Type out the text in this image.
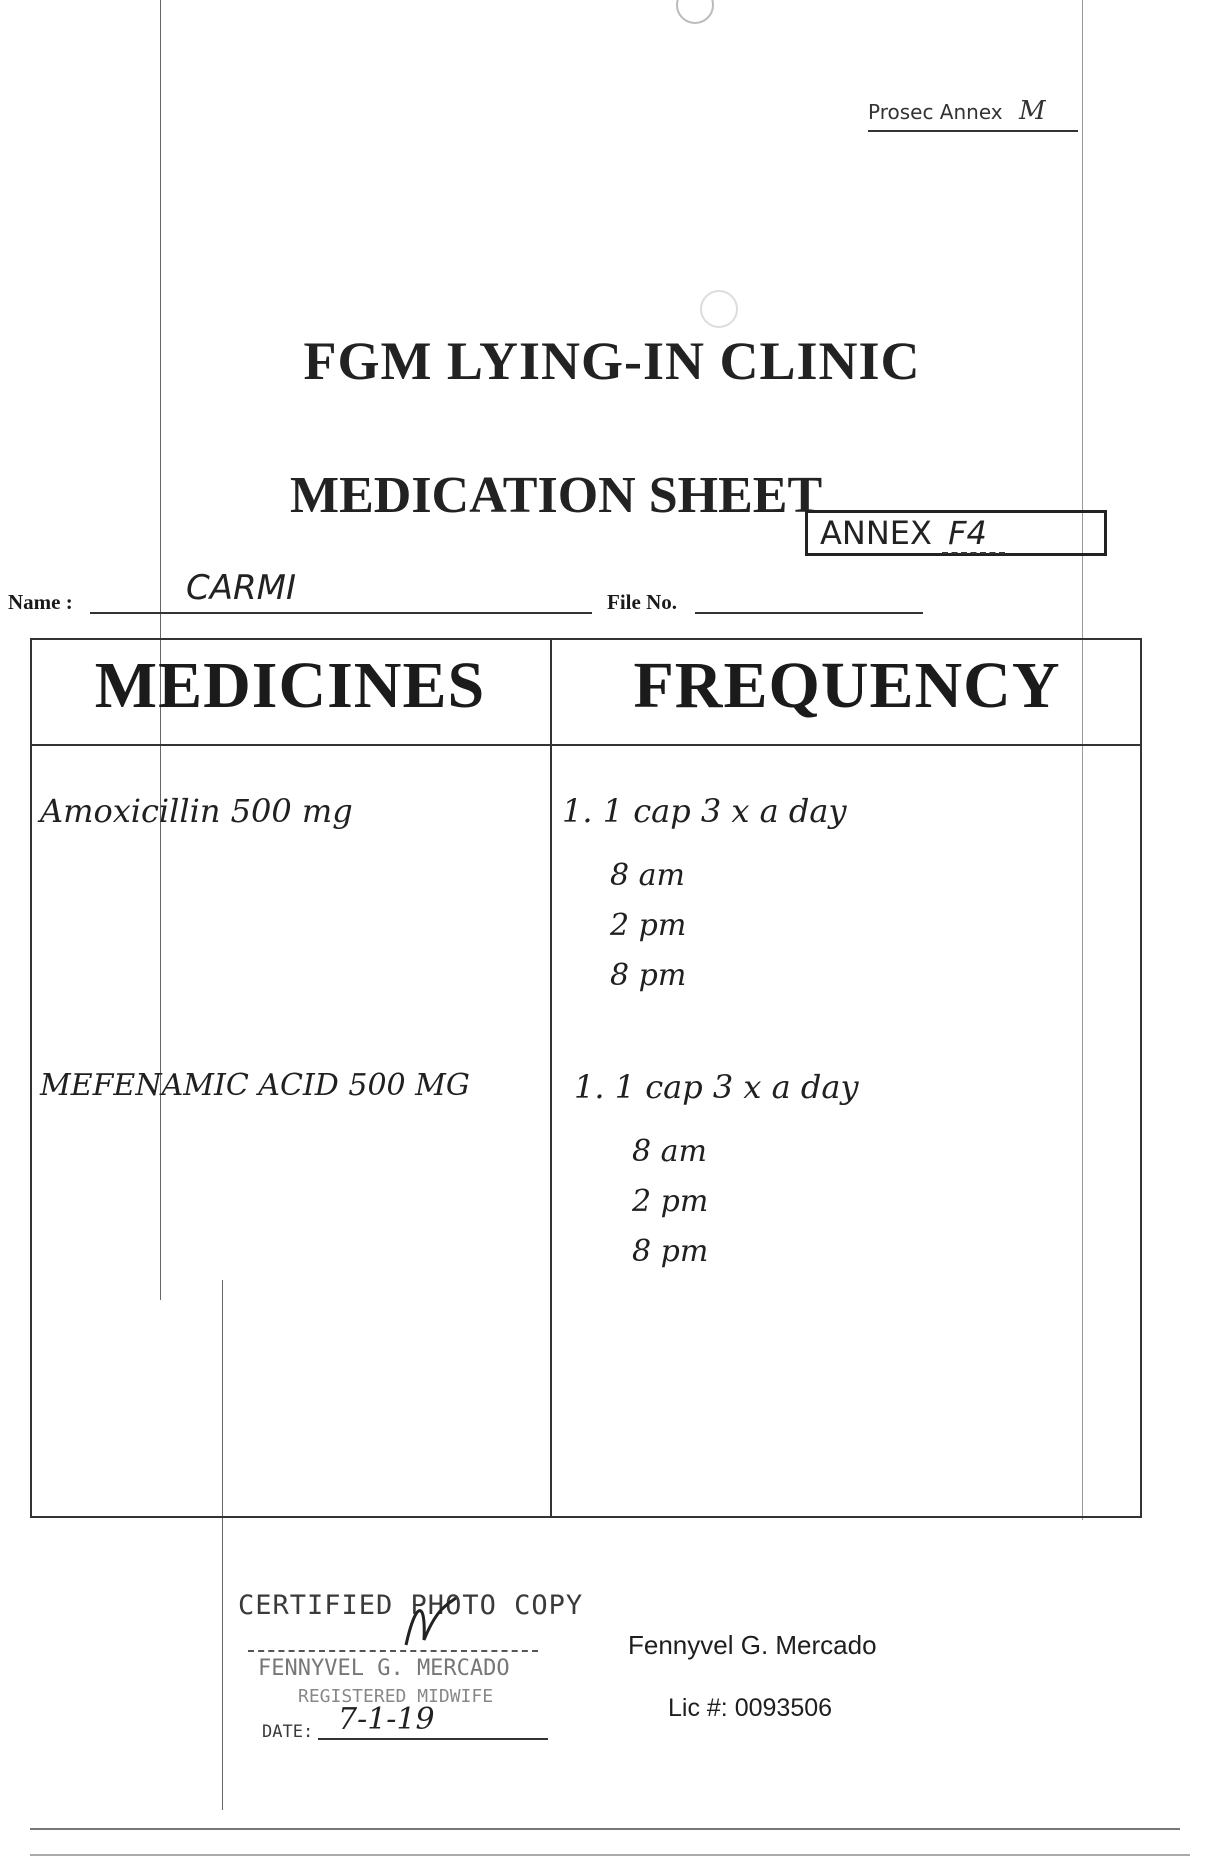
Prosec Annex M
FGM LYING-IN CLINIC
MEDICATION SHEET
ANNEX F4
Name :	CARMI	File No.
MEDICINES	FREQUENCY
Amoxicillin 500 mg	1. 1 cap 3 x a day
8 am
2 pm
8 pm
MEFENAMIC ACID 500 MG	1. 1 cap 3 x a day
8 am
2 pm
8 pm
CERTIFIED PHOTO COPY
FENNYVEL G. MERCADO
REGISTERED MIDWIFE
DATE: 7-1-19
Fennyvel G. Mercado
Lic #: 0093506
